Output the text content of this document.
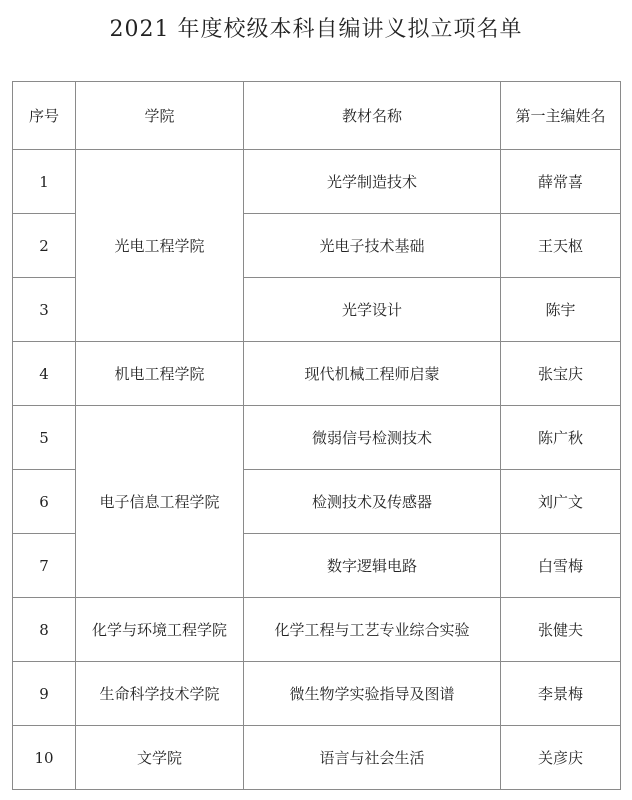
2021 年度校级本科自编讲义拟立项名单
序号	学院	教材名称	第一主编姓名
1	光电工程学院	光学制造技术	薛常喜
2		光电子技术基础	王天枢
3		光学设计	陈宇
4	机电工程学院	现代机械工程师启蒙	张宝庆
5	电子信息工程学院	微弱信号检测技术	陈广秋
6		检测技术及传感器	刘广文
7		数字逻辑电路	白雪梅
8	化学与环境工程学院	化学工程与工艺专业综合实验	张健夫
9	生命科学技术学院	微生物学实验指导及图谱	李景梅
10	文学院	语言与社会生活	关彦庆
